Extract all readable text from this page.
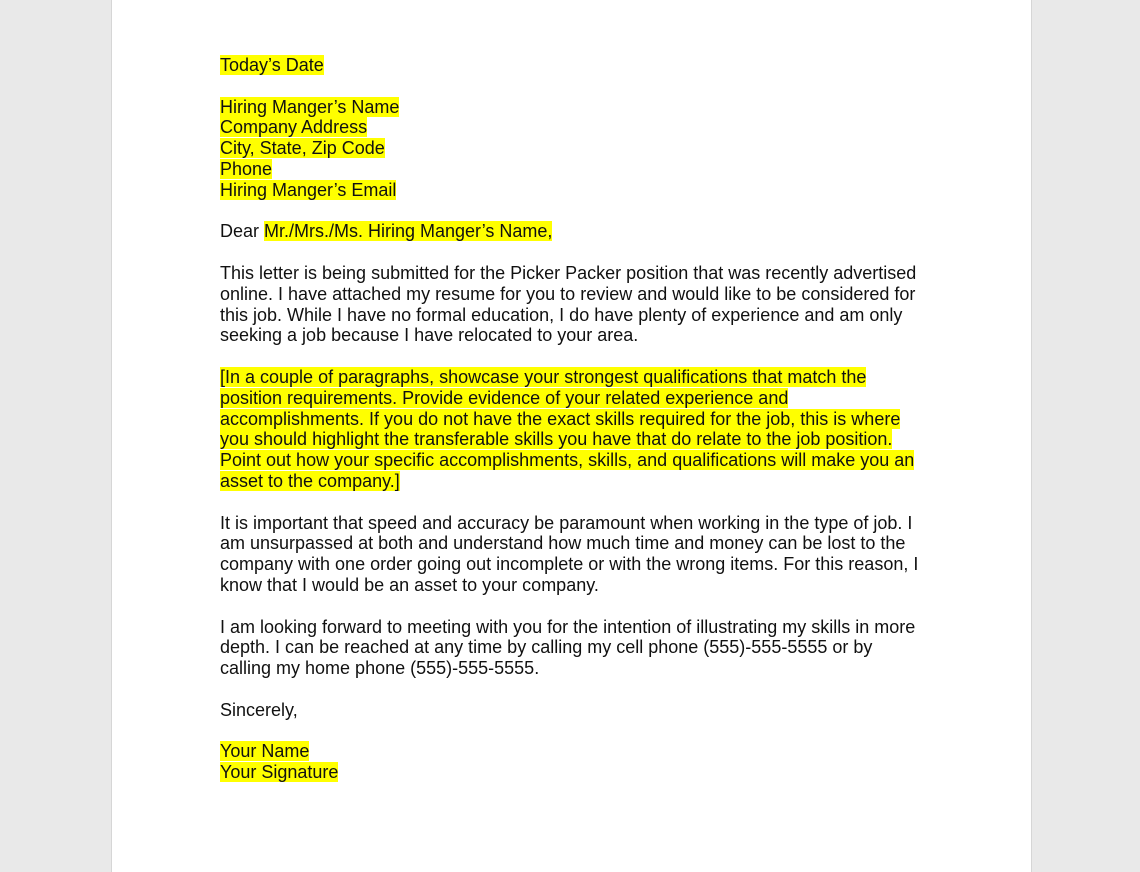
Today’s Date
Hiring Manger’s Name
Company Address
City, State, Zip Code
Phone
Hiring Manger’s Email
Dear Mr./Mrs./Ms. Hiring Manger’s Name,
This letter is being submitted for the Picker Packer position that was recently advertised
online. I have attached my resume for you to review and would like to be considered for
this job. While I have no formal education, I do have plenty of experience and am only
seeking a job because I have relocated to your area.
[In a couple of paragraphs, showcase your strongest qualifications that match the
position requirements. Provide evidence of your related experience and
accomplishments. If you do not have the exact skills required for the job, this is where
you should highlight the transferable skills you have that do relate to the job position.
Point out how your specific accomplishments, skills, and qualifications will make you an
asset to the company.]
It is important that speed and accuracy be paramount when working in the type of job. I
am unsurpassed at both and understand how much time and money can be lost to the
company with one order going out incomplete or with the wrong items. For this reason, I
know that I would be an asset to your company.
I am looking forward to meeting with you for the intention of illustrating my skills in more
depth. I can be reached at any time by calling my cell phone (555)-555-5555 or by
calling my home phone (555)-555-5555.
Sincerely,
Your Name
Your Signature
